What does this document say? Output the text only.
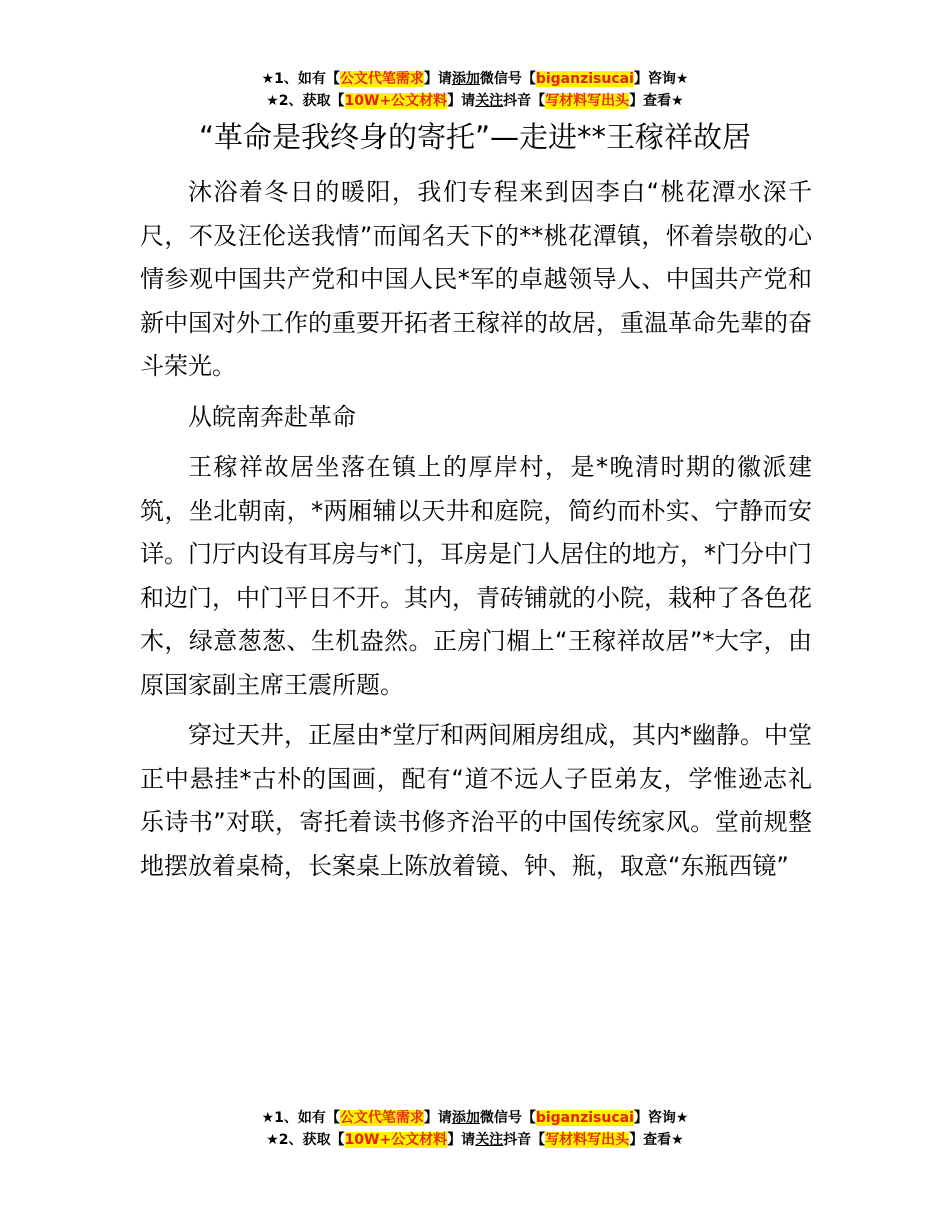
★1、如有【公文代笔需求】请添加微信号【biganzisucai】咨询★
★2、获取【10W+公文材料】请关注抖音【写材料写出头】查看★
“革命是我终身的寄托”—走进**王稼祥故居

沐浴着冬日的暖阳，我们专程来到因李白“桃花潭水深千尺，不及汪伦送我情”而闻名天下的**桃花潭镇，怀着崇敬的心情参观中国共产党和中国人民*军的卓越领导人、中国共产党和新中国对外工作的重要开拓者王稼祥的故居，重温革命先辈的奋斗荣光。

从皖南奔赴革命

王稼祥故居坐落在镇上的厚岸村，是*晚清时期的徽派建筑，坐北朝南，*两厢辅以天井和庭院，简约而朴实、宁静而安详。门厅内设有耳房与*门，耳房是门人居住的地方，*门分中门和边门，中门平日不开。其内，青砖铺就的小院，栽种了各色花木，绿意葱葱、生机盎然。正房门楣上“王稼祥故居”*大字，由原国家副主席王震所题。

穿过天井，正屋由*堂厅和两间厢房组成，其内*幽静。中堂正中悬挂*古朴的国画，配有“道不远人子臣弟友，学惟逊志礼乐诗书”对联，寄托着读书修齐治平的中国传统家风。堂前规整地摆放着桌椅，长案桌上陈放着镜、钟、瓶，取意“东瓶西镜”

★1、如有【公文代笔需求】请添加微信号【biganzisucai】咨询★
★2、获取【10W+公文材料】请关注抖音【写材料写出头】查看★
